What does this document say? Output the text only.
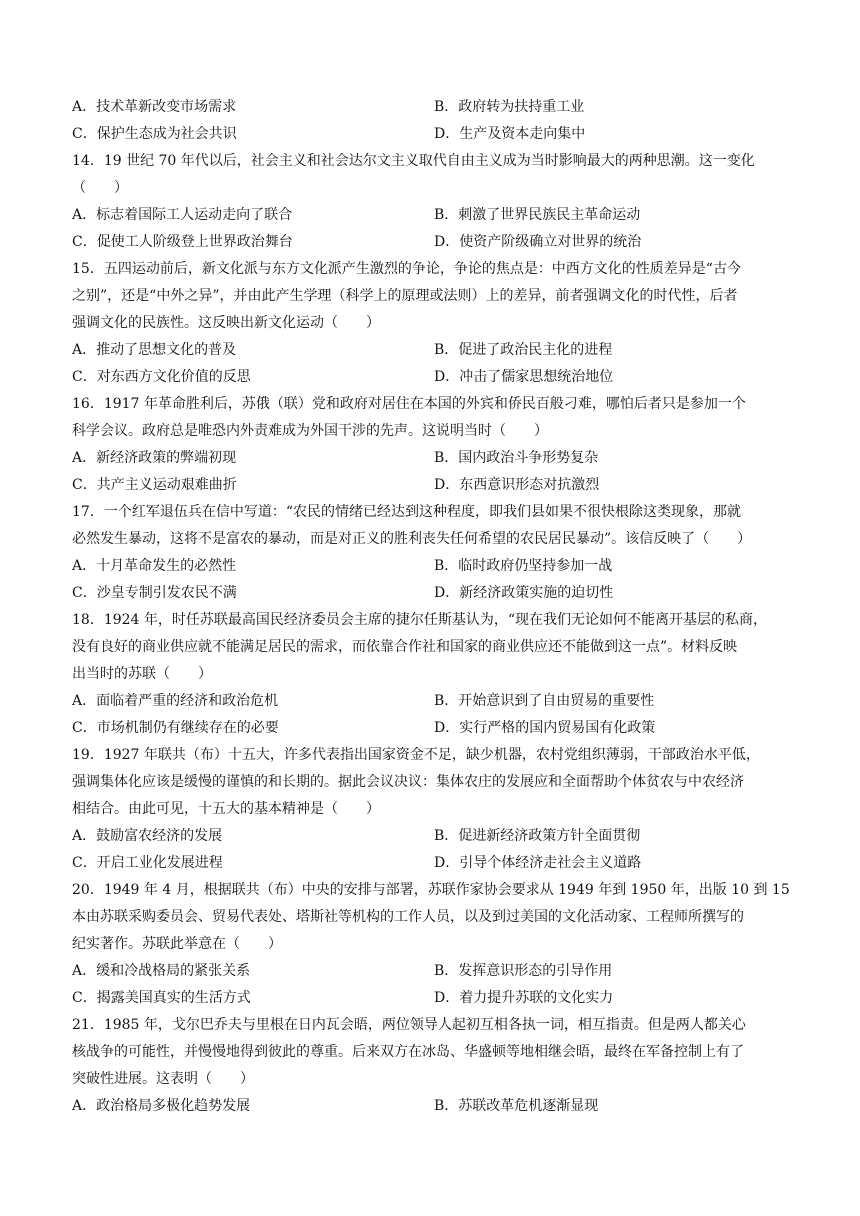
A．技术革新改变市场需求	B．政府转为扶持重工业
C．保护生态成为社会共识	D．生产及资本走向集中
14．19 世纪 70 年代以后，社会主义和社会达尔文主义取代自由主义成为当时影响最大的两种思潮。这一变化
（　　）
A．标志着国际工人运动走向了联合	B．刺激了世界民族民主革命运动
C．促使工人阶级登上世界政治舞台	D．使资产阶级确立对世界的统治
15．五四运动前后，新文化派与东方文化派产生激烈的争论，争论的焦点是：中西方文化的性质差异是“古今
之别”，还是“中外之异”，并由此产生学理（科学上的原理或法则）上的差异，前者强调文化的时代性，后者
强调文化的民族性。这反映出新文化运动（　　）
A．推动了思想文化的普及	B．促进了政治民主化的进程
C．对东西方文化价值的反思	D．冲击了儒家思想统治地位
16．1917 年革命胜利后，苏俄（联）党和政府对居住在本国的外宾和侨民百般刁难，哪怕后者只是参加一个
科学会议。政府总是唯恐内外责难成为外国干涉的先声。这说明当时（　　）
A．新经济政策的弊端初现	B．国内政治斗争形势复杂
C．共产主义运动艰难曲折	D．东西意识形态对抗激烈
17．一个红军退伍兵在信中写道：“农民的情绪已经达到这种程度，即我们县如果不很快根除这类现象，那就
必然发生暴动，这将不是富农的暴动，而是对正义的胜利丧失任何希望的农民居民暴动”。该信反映了（　　）
A．十月革命发生的必然性	B．临时政府仍坚持参加一战
C．沙皇专制引发农民不满	D．新经济政策实施的迫切性
18．1924 年，时任苏联最高国民经济委员会主席的捷尔任斯基认为，“现在我们无论如何不能离开基层的私商，
没有良好的商业供应就不能满足居民的需求，而依靠合作社和国家的商业供应还不能做到这一点”。材料反映
出当时的苏联（　　）
A．面临着严重的经济和政治危机	B．开始意识到了自由贸易的重要性
C．市场机制仍有继续存在的必要	D．实行严格的国内贸易国有化政策
19．1927 年联共（布）十五大，许多代表指出国家资金不足，缺少机器，农村党组织薄弱，干部政治水平低，
强调集体化应该是缓慢的谨慎的和长期的。据此会议决议：集体农庄的发展应和全面帮助个体贫农与中农经济
相结合。由此可见，十五大的基本精神是（　　）
A．鼓励富农经济的发展	B．促进新经济政策方针全面贯彻
C．开启工业化发展进程	D．引导个体经济走社会主义道路
20．1949 年 4 月，根据联共（布）中央的安排与部署，苏联作家协会要求从 1949 年到 1950 年，出版 10 到 15
本由苏联采购委员会、贸易代表处、塔斯社等机构的工作人员，以及到过美国的文化活动家、工程师所撰写的
纪实著作。苏联此举意在（　　）
A．缓和冷战格局的紧张关系	B．发挥意识形态的引导作用
C．揭露美国真实的生活方式	D．着力提升苏联的文化实力
21．1985 年，戈尔巴乔夫与里根在日内瓦会晤，两位领导人起初互相各执一词，相互指责。但是两人都关心
核战争的可能性，并慢慢地得到彼此的尊重。后来双方在冰岛、华盛顿等地相继会晤，最终在军备控制上有了
突破性进展。这表明（　　）
A．政治格局多极化趋势发展	B．苏联改革危机逐渐显现
